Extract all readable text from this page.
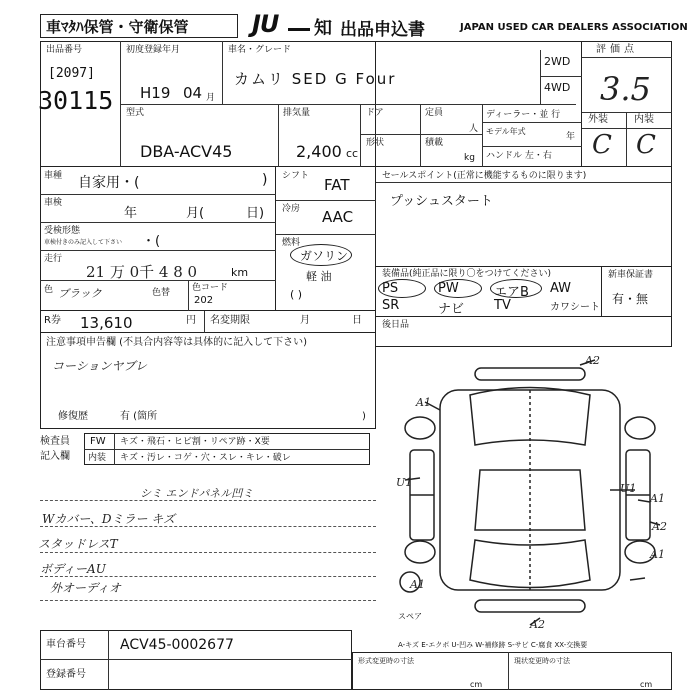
車ﾏﾀﾊ保管・守衛保管	JU 知 出品申込書	JAPAN USED CAR DEALERS ASSOCIATION
出品番号
[2097]
30115
初度登録年月
H19 04 月
車名・グレード
カムリ SED G Four
2WD
4WD
評価点
3.5
外装	内装
C C
型式
DBA-ACV45
排気量
2,400 cc
ドア	定員
人
形状	積載
kg
ディーラー・並 行
モデル年式
年
ハンドル 左・右
車種 自家用・(	)
車検
年	月(	日)
受検形態
車検付きのみ記入して下さい ・(
走行
21 万 0千 4 8 0	km
色 ブラック	色替 色コード
202
シフト FAT
冷房 AAC
燃料
ガソリン
軽 油
( )
セールスポイント(正常に機能するものに限ります)
プッシュスタート
装備品(純正品に限り〇をつけてください)
PS	PW	エアB AW
SR	ナビ TV	カワシート
新車保証書
有・無
R券 13,610	円 名変期限	月	日 後日品
注意事項申告欄 (不具合内容等は具体的に記入して下さい)
コーションヤブレ
修復歴	有 (箇所	)
検査員
記入欄
FW キズ・飛石・ヒビ割・リペア跡・X要
内装 キズ・汚レ・コゲ・穴・スレ・キレ・破レ
シミ エンドパネル凹ミ
Wカバー、Dミラー キズ
スタッドレスT
ボディーAU
外オーディオ
A2
A1
U1	U1
A1
A2
A1
A2
A1
スペア
A-キズ E-エクボ U-凹み W-補修跡 S-サビ C-腐食 XX-交換要
車台番号 ACV45-0002677
登録番号
形式変更時の寸法	現状変更時の寸法
cm	cm
